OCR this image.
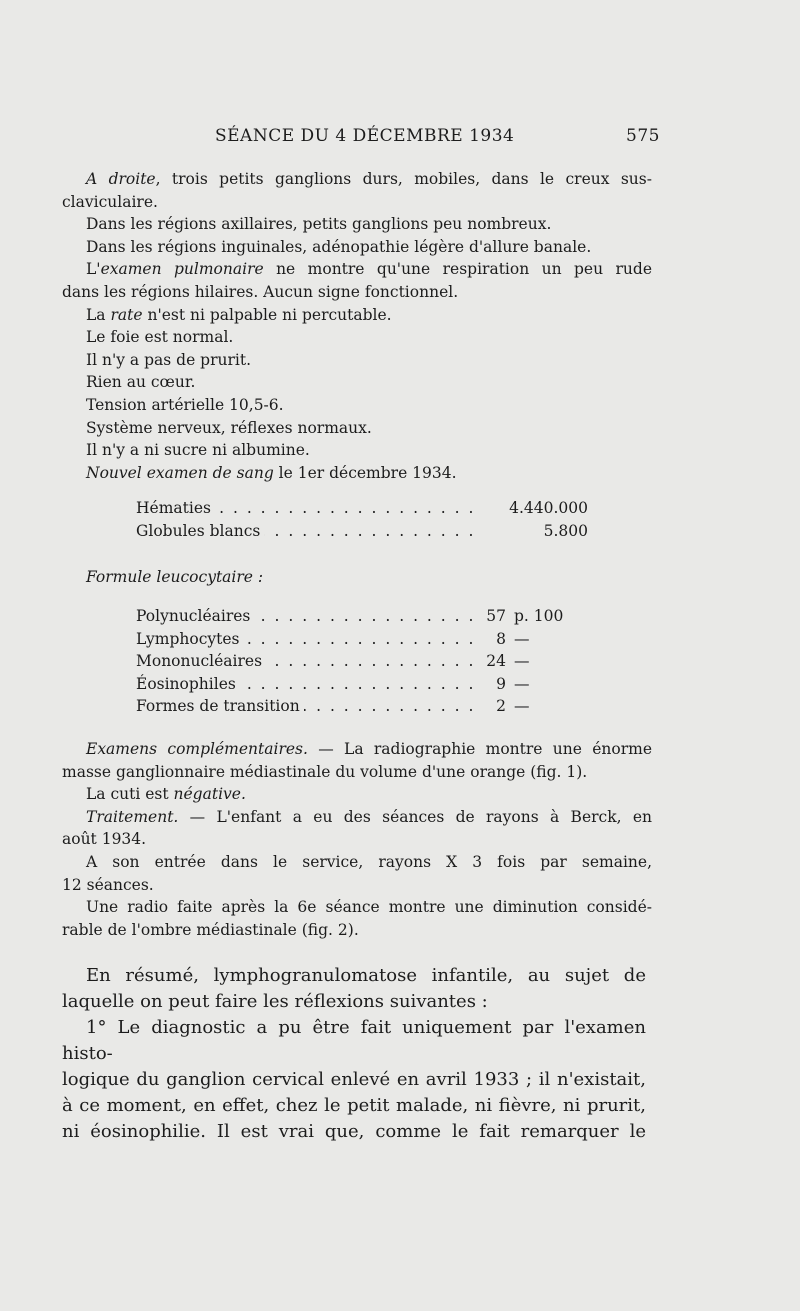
SÉANCE DU 4 DÉCEMBRE 1934	575

A droite, trois petits ganglions durs, mobiles, dans le creux sus-

claviculaire.

Dans les régions axillaires, petits ganglions peu nombreux.

Dans les régions inguinales, adénopathie légère d'allure banale.

L'examen pulmonaire ne montre qu'une respiration un peu rude

dans les régions hilaires. Aucun signe fonctionnel.

La rate n'est ni palpable ni percutable.

Le foie est normal.

Il n'y a pas de prurit.

Rien au cœur.

Tension artérielle 10,5-6.

Système nerveux, réflexes normaux.

Il n'y a ni sucre ni albumine.

Nouvel examen de sang le 1er décembre 1934.

Hématies . . .	4.440.000
Globules blancs . . .	5.800
Formule leucocytaire :
Polynucléaires . . .	57 p. 100
Lymphocytes . . .	8 —
Mononucléaires . . .	24 —
Éosinophiles . . .	9 —
Formes de transition . . .	2 —

Examens complémentaires. — La radiographie montre une énorme

masse ganglionnaire médiastinale du volume d'une orange (fig. 1).

La cuti est négative.

Traitement. — L'enfant a eu des séances de rayons à Berck, en

août 1934.

A son entrée dans le service, rayons X 3 fois par semaine,

12 séances.

Une radio faite après la 6e séance montre une diminution considé-

rable de l'ombre médiastinale (fig. 2).

En résumé, lymphogranulomatose infantile, au sujet de

laquelle on peut faire les réflexions suivantes :

1° Le diagnostic a pu être fait uniquement par l'examen histo-

logique du ganglion cervical enlevé en avril 1933 ; il n'existait,

à ce moment, en effet, chez le petit malade, ni fièvre, ni prurit,

ni éosinophilie. Il est vrai que, comme le fait remarquer le
